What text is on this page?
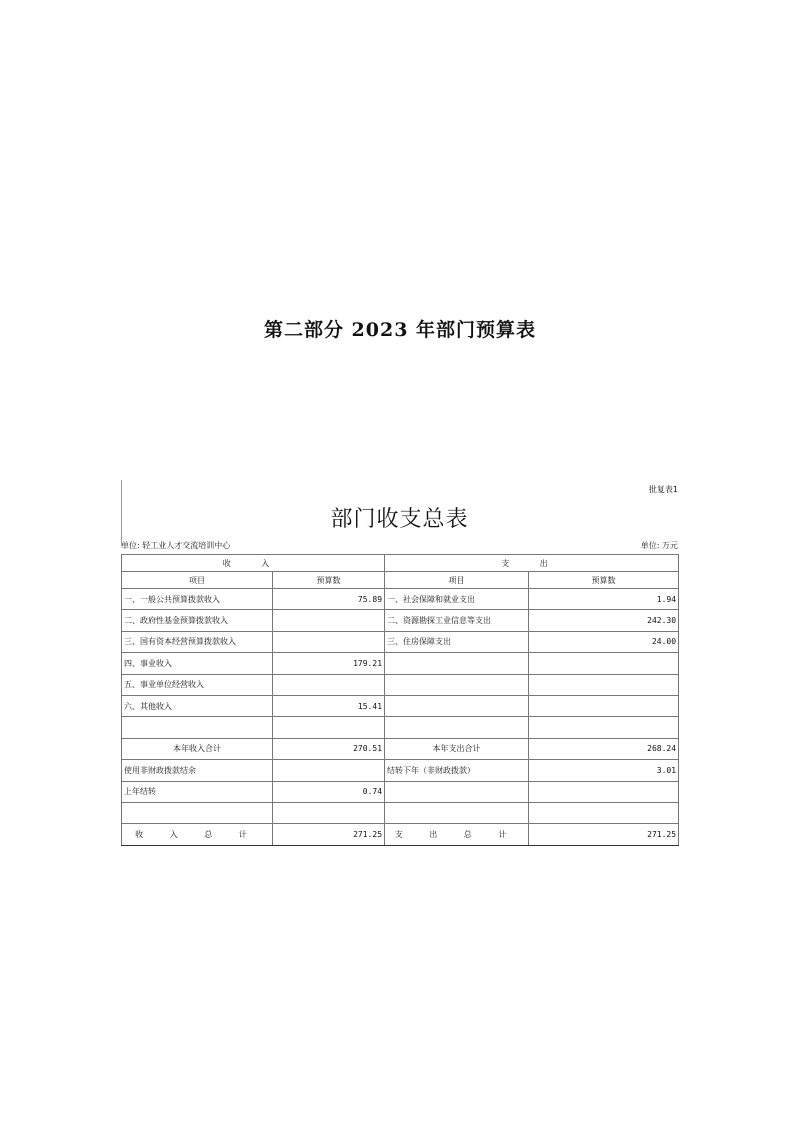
第二部分 2023 年部门预算表
批复表1
部门收支总表
单位: 轻工业人才交流培训中心	单位: 万元
收 入		支 出	
项目	预算数	项目	预算数
一、一般公共预算拨款收入	75.89	一、社会保障和就业支出	1.94
二、政府性基金预算拨款收入		二、资源勘探工业信息等支出	242.30
三、国有资本经营预算拨款收入		三、住房保障支出	24.00
四、事业收入	179.21		
五、事业单位经营收入			
六、其他收入	15.41		

本年收入合计	270.51	本年支出合计	268.24
使用非财政拨款结余		结转下年（非财政拨款）	3.01
上年结转	0.74		

收 入 总 计	271.25	支 出 总 计	271.25
